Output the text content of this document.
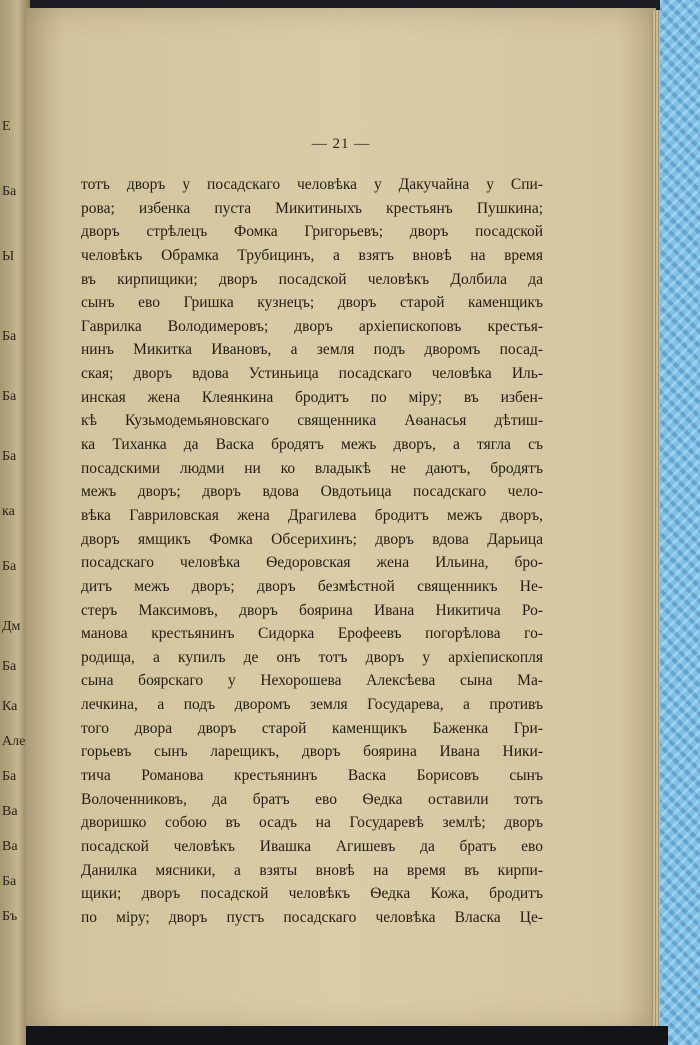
Е
Ба
Ы
Ба
Ба
Ба
ка
Ба
Дм
Ба
Ка
Але
Ба
Ва
Ва
Ба
Бъ
— 21 —
тотъ дворъ у посадскаго человѣка у Дакучайна у Спи-
рова; избенка пуста Микитиныхъ крестьянъ Пушкина;
дворъ стрѣлецъ Фомка Григорьевъ; дворъ посадской
человѣкъ Обрамка Трубицинъ, а взятъ вновѣ на время
въ кирпищики; дворъ посадской человѣкъ Долбила да
сынъ ево Гришка кузнецъ; дворъ старой каменщикъ
Гаврилка Володимеровъ; дворъ архіепископовъ крестья-
нинъ Микитка Ивановъ, а земля подъ дворомъ посад-
ская; дворъ вдова Устиньица посадскаго человѣка Иль-
инская жена Клеянкина бродитъ по міру; въ избен-
кѣ Кузьмодемьяновскаго священника Аѳанасья дѣтиш-
ка Тиханка да Васка бродятъ межъ дворъ, а тягла съ
посадскими людми ни ко владыкѣ не даютъ, бродятъ
межъ дворъ; дворъ вдова Овдотьица посадскаго чело-
вѣка Гавриловская жена Драгилева бродитъ межъ дворъ,
дворъ ямщикъ Фомка Обсерихинъ; дворъ вдова Дарьица
посадскаго человѣка Ѳедоровская жена Ильина, бро-
дитъ межъ дворъ; дворъ безмѣстной священникъ Не-
стеръ Максимовъ, дворъ боярина Ивана Никитича Ро-
манова крестьянинъ Сидорка Ерофеевъ погорѣлова го-
родища, а купилъ де онъ тотъ дворъ у архіепископля
сына боярскаго у Нехорошева Алексѣева сына Ма-
лечкина, а подъ дворомъ земля Государева, а противъ
того двора дворъ старой каменщикъ Баженка Гри-
горьевъ сынъ ларещикъ, дворъ боярина Ивана Ники-
тича Романова крестьянинъ Васка Борисовъ сынъ
Волоченниковъ, да братъ ево Ѳедка оставили тотъ
дворишко собою въ осадъ на Государевѣ землѣ; дворъ
посадской человѣкъ Ивашка Агишевъ да братъ ево
Данилка мясники, а взяты вновѣ на время въ кирпи-
щики; дворъ посадской человѣкъ Ѳедка Кожа, бродитъ
по міру; дворъ пустъ посадскаго человѣка Власка Це-
